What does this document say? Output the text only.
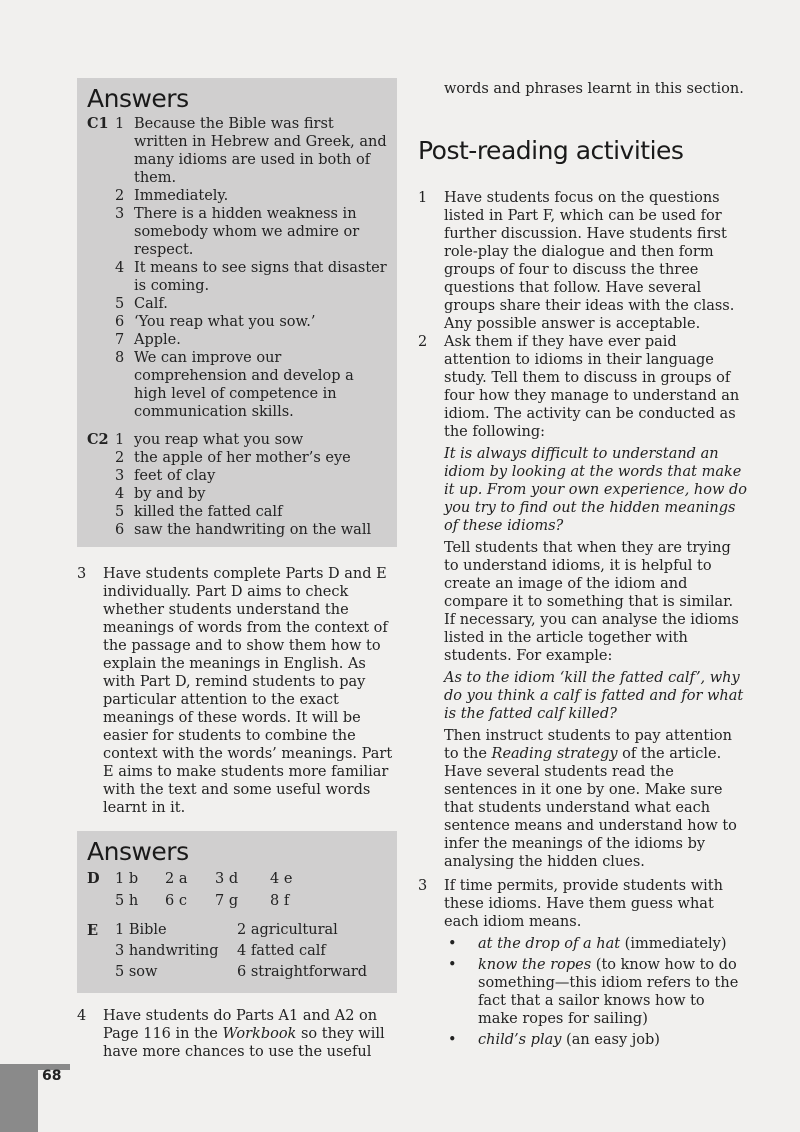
Answers
C1 1 Because the Bible was first written in Hebrew and Greek, and many idioms are used in both of them.
2 Immediately.
3 There is a hidden weakness in somebody whom we admire or respect.
4 It means to see signs that disaster is coming.
5 Calf.
6 ‘You reap what you sow.’
7 Apple.
8 We can improve our comprehension and develop a high level of competence in communication skills.
C2 1 you reap what you sow
2 the apple of her mother’s eye
3 feet of clay
4 by and by
5 killed the fatted calf
6 saw the handwriting on the wall
3	Have students complete Parts D and E individually. Part D aims to check whether students understand the meanings of words from the context of the passage and to show them how to explain the meanings in English. As with Part D, remind students to pay particular attention to the exact meanings of these words. It will be easier for students to combine the context with the words’ meanings. Part E aims to make students more familiar with the text and some useful words learnt in it.
Answers
D	1 b	2 a	3 d	4 e
5 h	6 c	7 g	8 f
E	1 Bible	2 agricultural
3 handwriting	4 fatted calf
5 sow	6 straightforward
4	Have students do Parts A1 and A2 on Page 116 in the Workbook so they will have more chances to use the useful
words and phrases learnt in this section.
Post-reading activities
1	Have students focus on the questions listed in Part F, which can be used for further discussion. Have students first role-play the dialogue and then form groups of four to discuss the three questions that follow. Have several groups share their ideas with the class. Any possible answer is acceptable.
2	Ask them if they have ever paid attention to idioms in their language study. Tell them to discuss in groups of four how they manage to understand an idiom. The activity can be conducted as the following:

It is always difficult to understand an idiom by looking at the words that make it up. From your own experience, how do you try to find out the hidden meanings of these idioms?

Tell students that when they are trying to understand idioms, it is helpful to create an image of the idiom and compare it to something that is similar. If necessary, you can analyse the idioms listed in the article together with students. For example:

As to the idiom ‘kill the fatted calf’, why do you think a calf is fatted and for what is the fatted calf killed?

Then instruct students to pay attention to the Reading strategy of the article. Have several students read the sentences in it one by one. Make sure that students understand what each sentence means and understand how to infer the meanings of the idioms by analysing the hidden clues.

3	If time permits, provide students with these idioms. Have them guess what each idiom means.

•	at the drop of a hat (immediately)
•	know the ropes (to know how to do something—this idiom refers to the fact that a sailor knows how to make ropes for sailing)
•	child’s play (an easy job)
68
